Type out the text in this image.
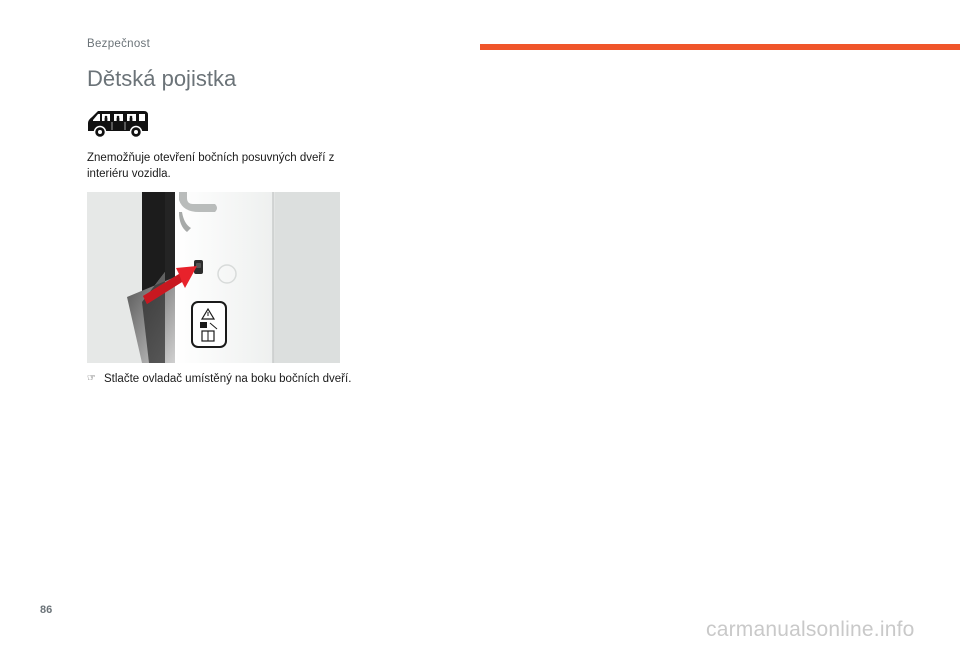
Bezpečnost
Dětská pojistka

Znemožňuje otevření bočních posuvných dveří z interiéru vozidla.

☞ Stlačte ovladač umístěný na boku bočních dveří.
86
carmanualsonline.info
